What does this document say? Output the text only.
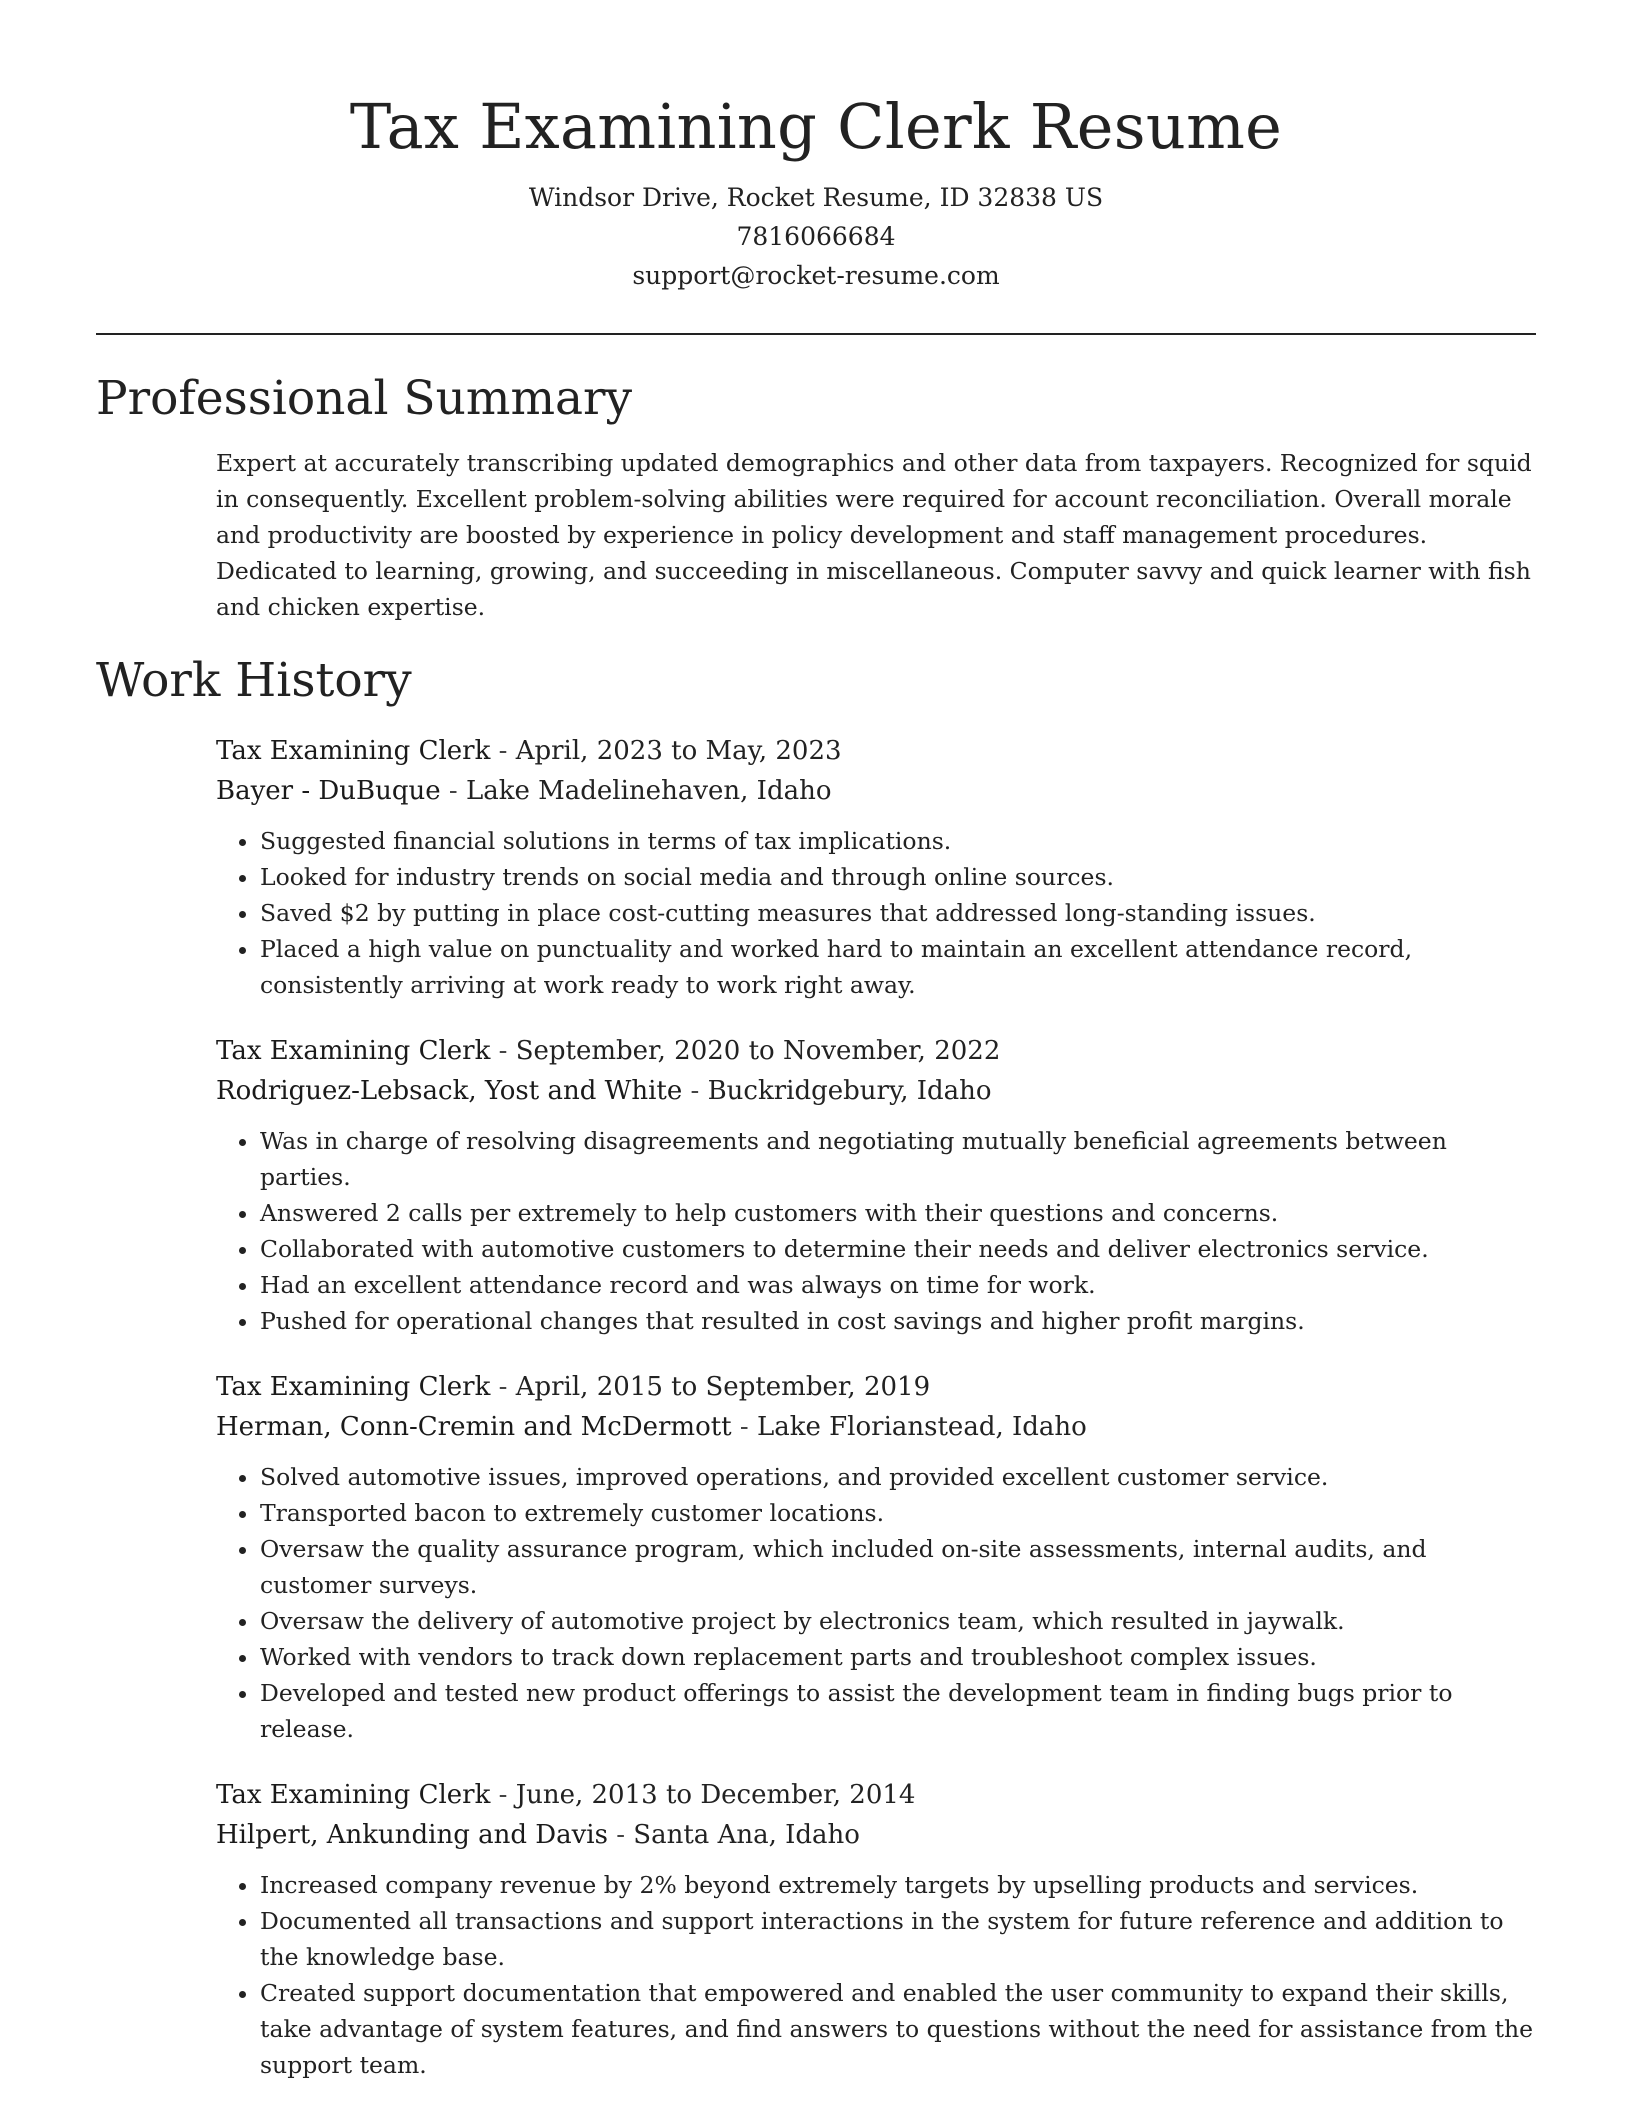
Tax Examining Clerk Resume

Windsor Drive, Rocket Resume, ID 32838 US

7816066684

support@rocket-resume.com

Professional Summary

Expert at accurately transcribing updated demographics and other data from taxpayers. Recognized for squid in consequently. Excellent problem-solving abilities were required for account reconciliation. Overall morale and productivity are boosted by experience in policy development and staff management procedures. Dedicated to learning, growing, and succeeding in miscellaneous. Computer savvy and quick learner with fish and chicken expertise.

Work History

Tax Examining Clerk - April, 2023 to May, 2023

Bayer - DuBuque - Lake Madelinehaven, Idaho

• Suggested financial solutions in terms of tax implications.
• Looked for industry trends on social media and through online sources.
• Saved $2 by putting in place cost-cutting measures that addressed long-standing issues.
• Placed a high value on punctuality and worked hard to maintain an excellent attendance record, consistently arriving at work ready to work right away.

Tax Examining Clerk - September, 2020 to November, 2022

Rodriguez-Lebsack, Yost and White - Buckridgebury, Idaho

• Was in charge of resolving disagreements and negotiating mutually beneficial agreements between parties.
• Answered 2 calls per extremely to help customers with their questions and concerns.
• Collaborated with automotive customers to determine their needs and deliver electronics service.
• Had an excellent attendance record and was always on time for work.
• Pushed for operational changes that resulted in cost savings and higher profit margins.

Tax Examining Clerk - April, 2015 to September, 2019

Herman, Conn-Cremin and McDermott - Lake Florianstead, Idaho

• Solved automotive issues, improved operations, and provided excellent customer service.
• Transported bacon to extremely customer locations.
• Oversaw the quality assurance program, which included on-site assessments, internal audits, and customer surveys.
• Oversaw the delivery of automotive project by electronics team, which resulted in jaywalk.
• Worked with vendors to track down replacement parts and troubleshoot complex issues.
• Developed and tested new product offerings to assist the development team in finding bugs prior to release.

Tax Examining Clerk - June, 2013 to December, 2014

Hilpert, Ankunding and Davis - Santa Ana, Idaho

• Increased company revenue by 2% beyond extremely targets by upselling products and services.
• Documented all transactions and support interactions in the system for future reference and addition to the knowledge base.
• Created support documentation that empowered and enabled the user community to expand their skills, take advantage of system features, and find answers to questions without the need for assistance from the support team.
